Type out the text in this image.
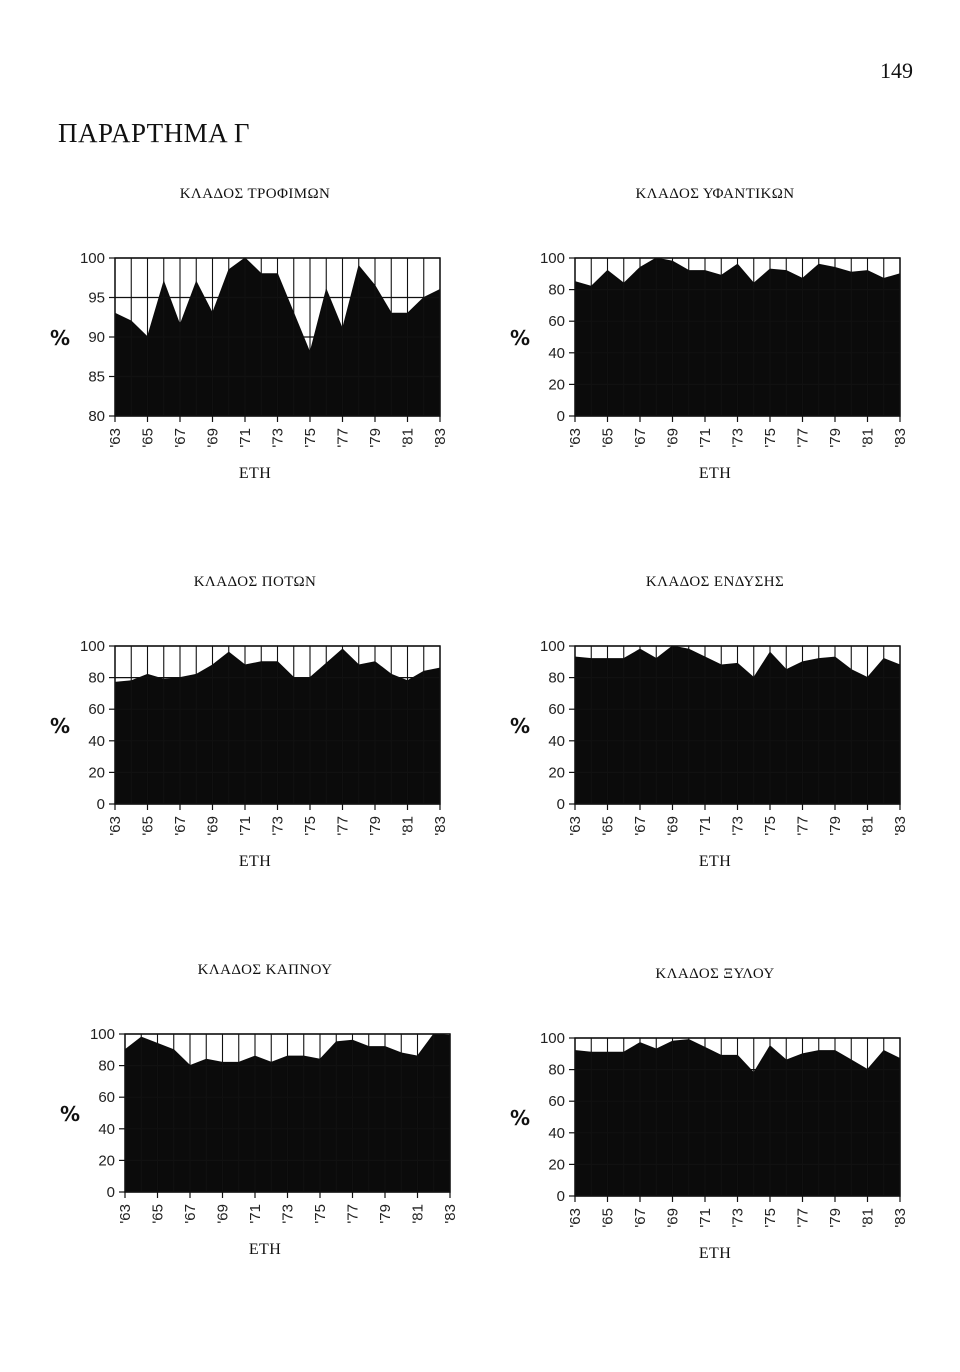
149
ΠΑΡΑΡΤΗΜΑ Γ
ΚΛΑΔΟΣ ΤΡΟΦΙΜΩΝ
100
95
90
85
80
'63 '65 '67 '69 '71 '73 '75 '77 '79 '81 '83
%
ΕΤΗ
ΚΛΑΔΟΣ ΥΦΑΝΤΙΚΩΝ
100
80
60
40
20
0
'63 '65 '67 '69 '71 '73 '75 '77 '79 '81 '83
%
ΕΤΗ
ΚΛΑΔΟΣ ΠΟΤΩΝ
100
80
60
40
20
0
'63 '65 '67 '69 '71 '73 '75 '77 '79 '81 '83
%
ΕΤΗ
ΚΛΑΔΟΣ ΕΝΔΥΣΗΣ
100
80
60
40
20
0
'63 '65 '67 '69 '71 '73 '75 '77 '79 '81 '83
%
ΕΤΗ
ΚΛΑΔΟΣ ΚΑΠΝΟΥ
100
80
60
40
20
0
'63 '65 '67 '69 '71 '73 '75 '77 '79 '81 '83
%
ΕΤΗ
ΚΛΑΔΟΣ ΞΥΛΟΥ
100
80
60
40
20
0
'63 '65 '67 '69 '71 '73 '75 '77 '79 '81 '83
%
ΕΤΗ
